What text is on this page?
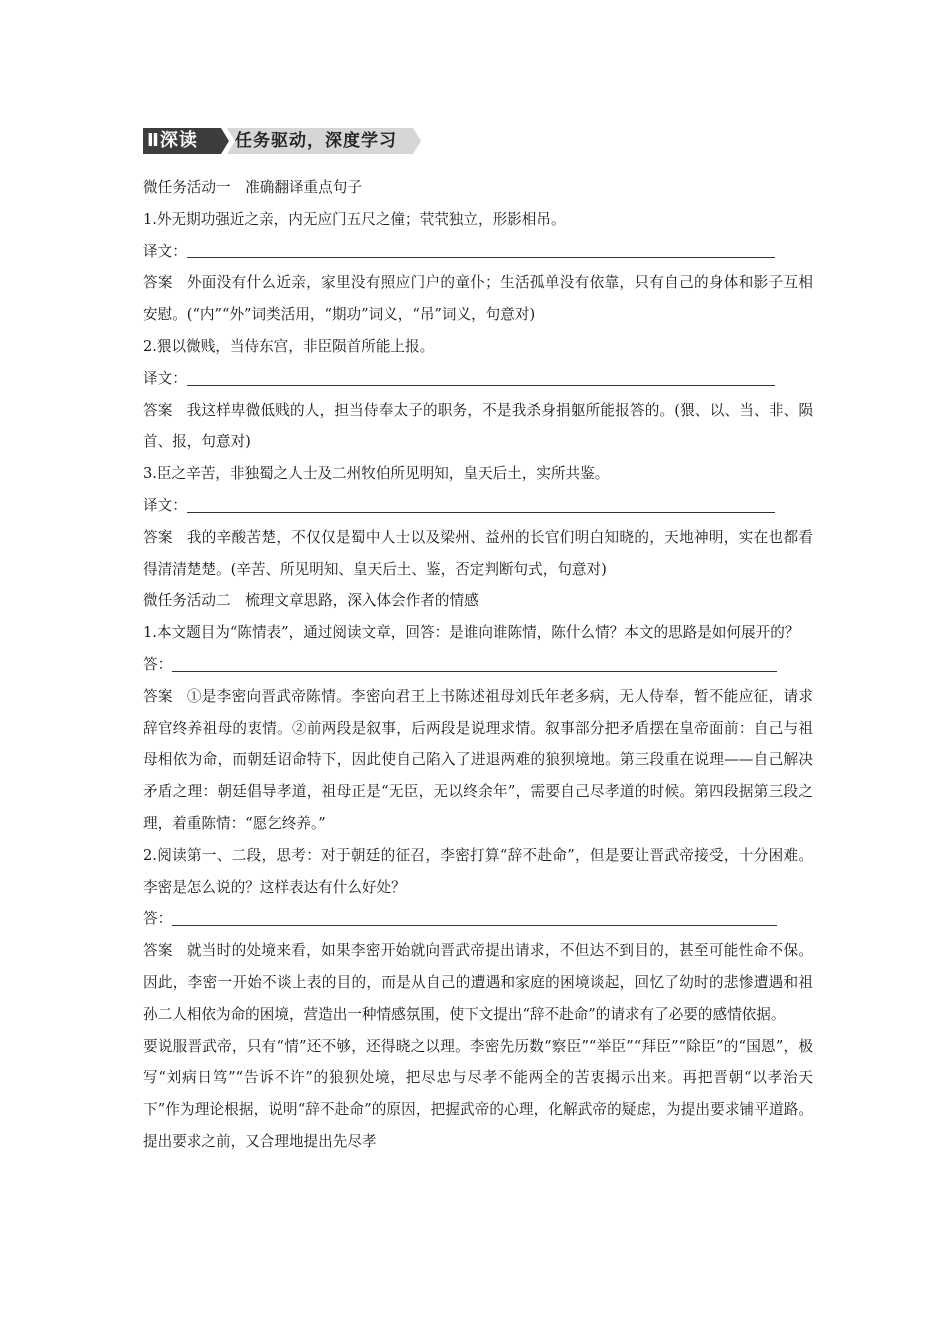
Ⅱ深读 任务驱动，深度学习

微任务活动一　准确翻译重点句子

1.外无期功强近之亲，内无应门五尺之僮；茕茕独立，形影相吊。

译文：

答案 外面没有什么近亲，家里没有照应门户的童仆；生活孤单没有依靠，只有自己的身体和影子互相安慰。(“内”“外”词类活用，“期功”词义，“吊”词义，句意对)

2.猥以微贱，当侍东宫，非臣陨首所能上报。

译文：

答案 我这样卑微低贱的人，担当侍奉太子的职务，不是我杀身捐躯所能报答的。(猥、以、当、非、陨首、报，句意对)

3.臣之辛苦，非独蜀之人士及二州牧伯所见明知，皇天后土，实所共鉴。

译文：

答案 我的辛酸苦楚，不仅仅是蜀中人士以及梁州、益州的长官们明白知晓的，天地神明，实在也都看得清清楚楚。(辛苦、所见明知、皇天后土、鉴，否定判断句式，句意对)

微任务活动二　梳理文章思路，深入体会作者的情感

1.本文题目为“陈情表”，通过阅读文章，回答：是谁向谁陈情，陈什么情？本文的思路是如何展开的？

答：

答案 ①是李密向晋武帝陈情。李密向君王上书陈述祖母刘氏年老多病，无人侍奉，暂不能应征，请求辞官终养祖母的衷情。②前两段是叙事，后两段是说理求情。叙事部分把矛盾摆在皇帝面前：自己与祖母相依为命，而朝廷诏命特下，因此使自己陷入了进退两难的狼狈境地。第三段重在说理——自己解决矛盾之理：朝廷倡导孝道，祖母正是“无臣，无以终余年”，需要自己尽孝道的时候。第四段据第三段之理，着重陈情：“愿乞终养。”

2.阅读第一、二段，思考：对于朝廷的征召，李密打算“辞不赴命”，但是要让晋武帝接受，十分困难。李密是怎么说的？这样表达有什么好处？

答：

答案 就当时的处境来看，如果李密开始就向晋武帝提出请求，不但达不到目的，甚至可能性命不保。因此，李密一开始不谈上表的目的，而是从自己的遭遇和家庭的困境谈起，回忆了幼时的悲惨遭遇和祖孙二人相依为命的困境，营造出一种情感氛围，使下文提出“辞不赴命”的请求有了必要的感情依据。

要说服晋武帝，只有“情”还不够，还得晓之以理。李密先历数“察臣”“举臣”“拜臣”“除臣”的“国恩”，极写“刘病日笃”“告诉不许”的狼狈处境，把尽忠与尽孝不能两全的苦衷揭示出来。再把晋朝“以孝治天下”作为理论根据，说明“辞不赴命”的原因，把握武帝的心理，化解武帝的疑虑，为提出要求铺平道路。提出要求之前，又合理地提出先尽孝
